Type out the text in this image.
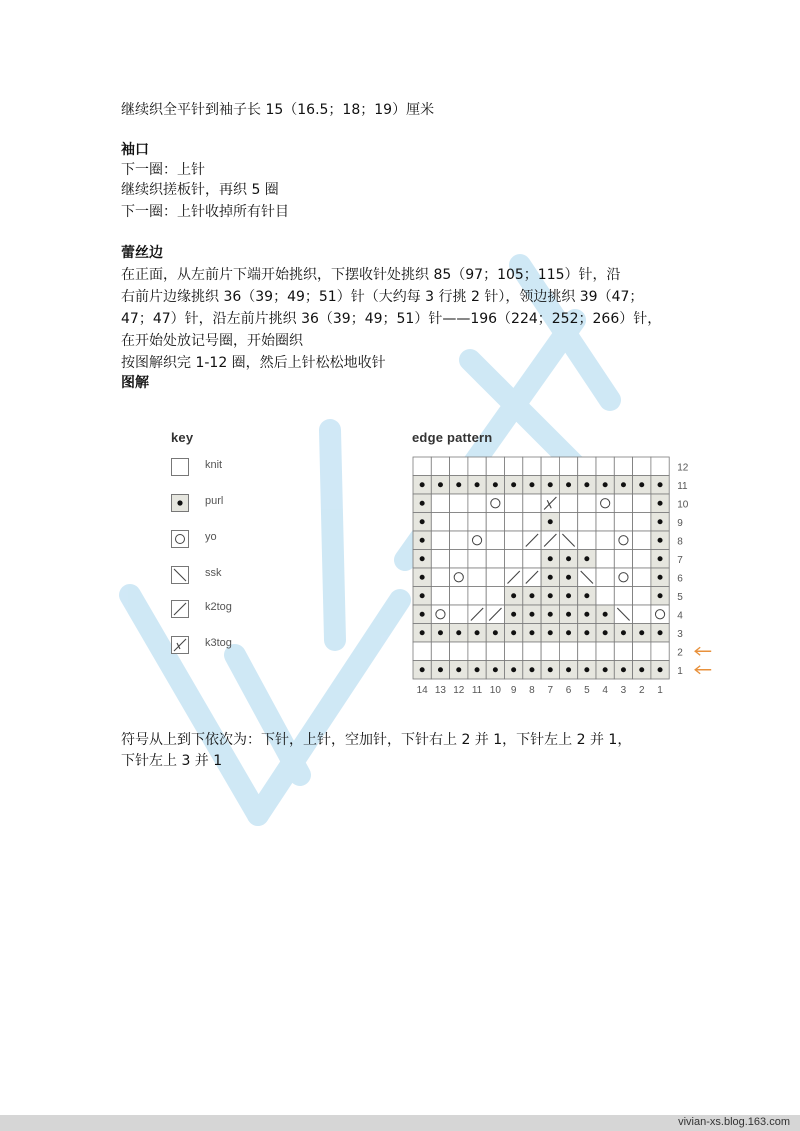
继续织全平针到袖子长 15（16.5；18；19）厘米
袖口
下一圈：上针
继续织搓板针，再织 5 圈
下一圈：上针收掉所有针目
蕾丝边
在正面，从左前片下端开始挑织，下摆收针处挑织 85（97；105；115）针，沿
右前片边缘挑织 36（39；49；51）针（大约每 3 行挑 2 针），领边挑织 39（47；
47；47）针，沿左前片挑织 36（39；49；51）针——196（224；252；266）针，
在开始处放记号圈，开始圈织
按图解织完 1-12 圈，然后上针松松地收针
图解
key
knit
purl
yo
ssk
k2tog
k3tog
edge pattern
12
11
10
9
8
7
6
5
4
3
2
1
14 13 12 11 10 9 8 7 6 5 4 3 2 1
符号从上到下依次为：下针，上针，空加针，下针右上 2 并 1，下针左上 2 并 1，
下针左上 3 并 1
vivian-xs.blog.163.com
